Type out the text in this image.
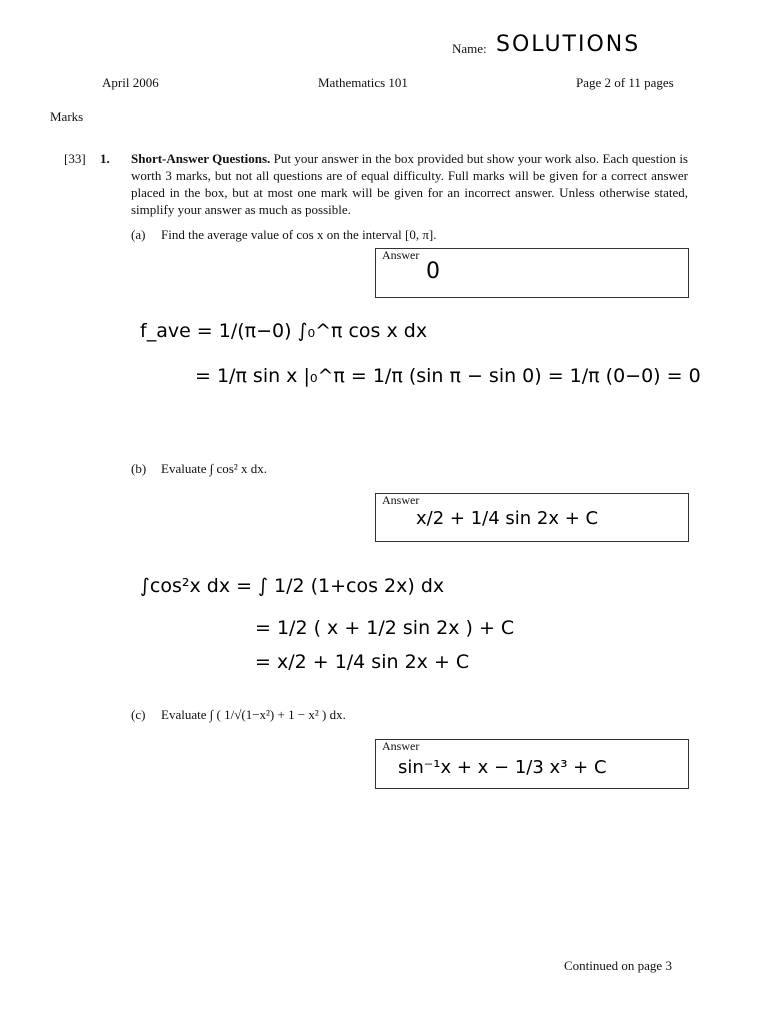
Name: SOLUTIONS
April 2006	Mathematics 101	Page 2 of 11 pages
Marks
[33] 1. Short-Answer Questions. Put your answer in the box provided but show your work also. Each question is worth 3 marks, but not all questions are of equal difficulty. Full marks will be given for a correct answer placed in the box, but at most one mark will be given for an incorrect answer. Unless otherwise stated, simplify your answer as much as possible.
(a) Find the average value of cos x on the interval [0, π].
Answer
0
f_ave = 1/(π−0) ∫₀^π cos x dx
= 1/π sin x |₀^π = 1/π (sin π − sin 0) = 1/π (0−0) = 0
(b) Evaluate ∫ cos² x dx.
Answer
x/2 + 1/4 sin 2x + C
∫cos²x dx = ∫ 1/2 (1+cos 2x) dx
= 1/2 ( x + 1/2 sin 2x ) + C
= x/2 + 1/4 sin 2x + C
(c) Evaluate ∫ ( 1/√(1−x²) + 1 − x² ) dx.
Answer
sin⁻¹x + x − 1/3 x³ + C
Continued on page 3
